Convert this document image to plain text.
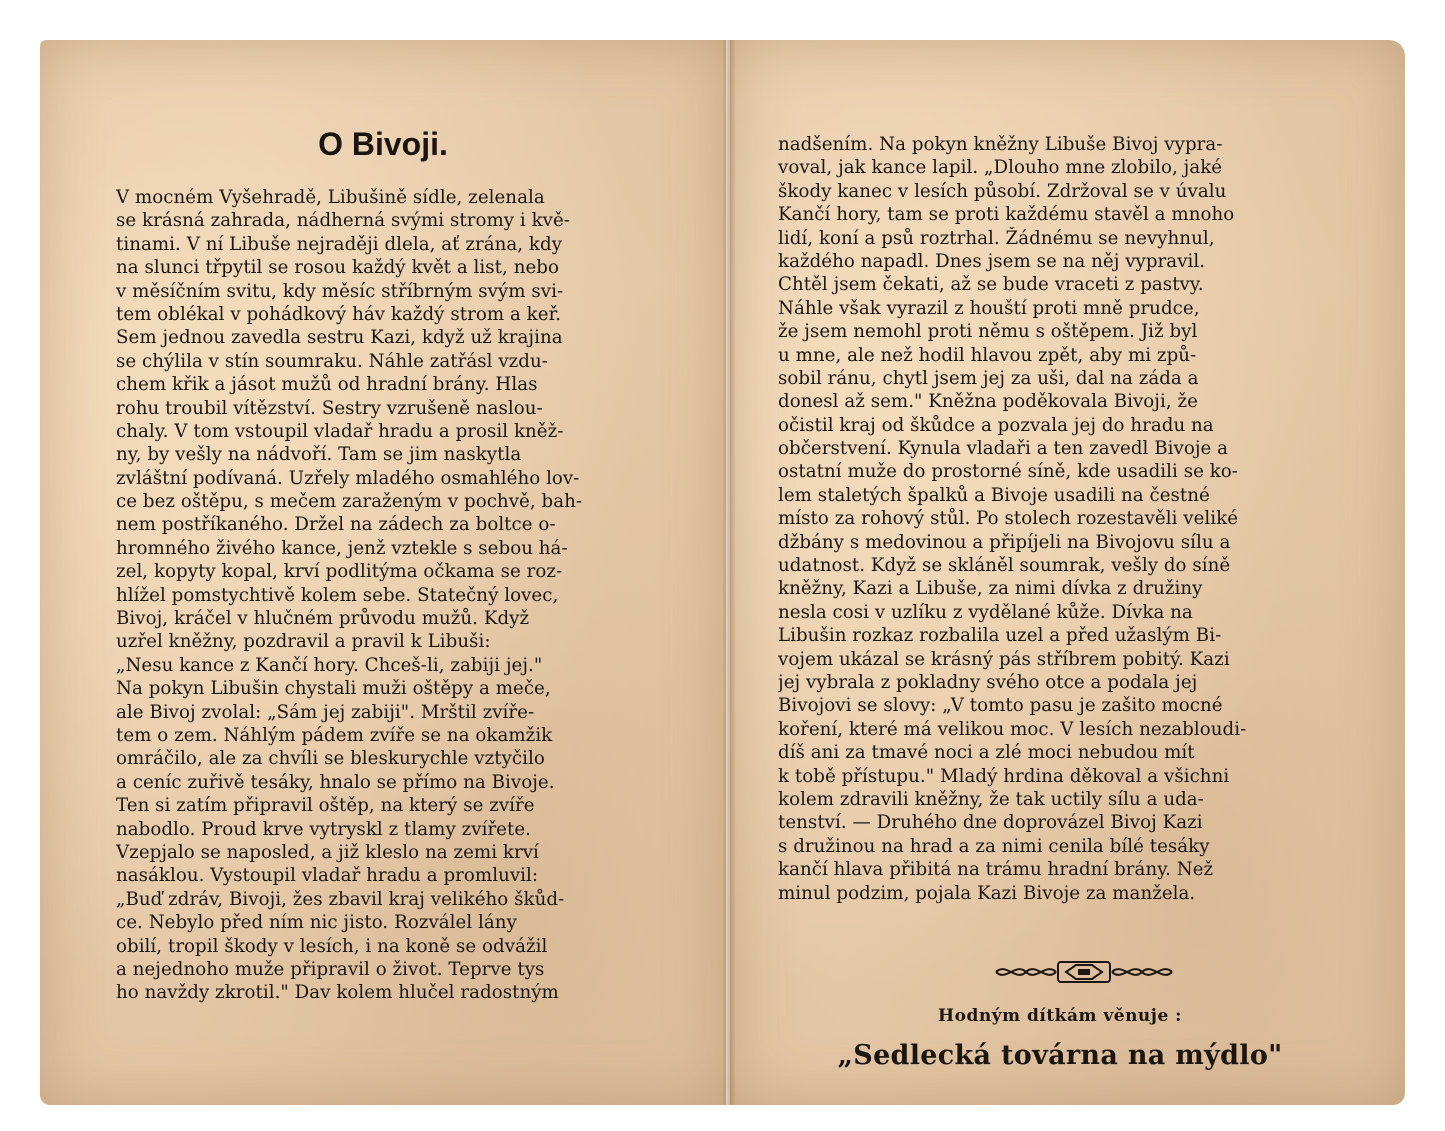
O Bivoji.
V mocném Vyšehradě, Libušině sídle, zelenala
se krásná zahrada, nádherná svými stromy i kvě-
tinami. V ní Libuše nejraději dlela, ať zrána, kdy
na slunci třpytil se rosou každý květ a list, nebo
v měsíčním svitu, kdy měsíc stříbrným svým svi-
tem oblékal v pohádkový háv každý strom a keř.
Sem jednou zavedla sestru Kazi, když už krajina
se chýlila v stín soumraku. Náhle zatřásl vzdu-
chem křik a jásot mužů od hradní brány. Hlas
rohu troubil vítězství. Sestry vzrušeně naslou-
chaly. V tom vstoupil vladař hradu a prosil kněž-
ny, by vešly na nádvoří. Tam se jim naskytla
zvláštní podívaná. Uzřely mladého osmahlého lov-
ce bez oštěpu, s mečem zaraženým v pochvě, bah-
nem postříkaného. Držel na zádech za boltce o-
hromného živého kance, jenž vztekle s sebou há-
zel, kopyty kopal, krví podlitýma očkama se roz-
hlížel pomstychtivě kolem sebe. Statečný lovec,
Bivoj, kráčel v hlučném průvodu mužů. Když
uzřel kněžny, pozdravil a pravil k Libuši:
„Nesu kance z Kančí hory. Chceš-li, zabiji jej."
Na pokyn Libušin chystali muži oštěpy a meče,
ale Bivoj zvolal: „Sám jej zabiji". Mrštil zvíře-
tem o zem. Náhlým pádem zvíře se na okamžik
omráčilo, ale za chvíli se bleskurychle vztyčilo
a ceníc zuřivě tesáky, hnalo se přímo na Bivoje.
Ten si zatím připravil oštěp, na který se zvíře
nabodlo. Proud krve vytryskl z tlamy zvířete.
Vzepjalo se naposled, a již kleslo na zemi krví
nasáklou. Vystoupil vladař hradu a promluvil:
„Buď zdráv, Bivoji, žes zbavil kraj velikého škůd-
ce. Nebylo před ním nic jisto. Rozválel lány
obilí, tropil škody v lesích, i na koně se odvážil
a nejednoho muže připravil o život. Teprve tys
ho navždy zkrotil." Dav kolem hlučel radostným
nadšením. Na pokyn kněžny Libuše Bivoj vypra-
voval, jak kance lapil. „Dlouho mne zlobilo, jaké
škody kanec v lesích působí. Zdržoval se v úvalu
Kančí hory, tam se proti každému stavěl a mnoho
lidí, koní a psů roztrhal. Žádnému se nevyhnul,
každého napadl. Dnes jsem se na něj vypravil.
Chtěl jsem čekati, až se bude vraceti z pastvy.
Náhle však vyrazil z houští proti mně prudce,
že jsem nemohl proti němu s oštěpem. Již byl
u mne, ale než hodil hlavou zpět, aby mi způ-
sobil ránu, chytl jsem jej za uši, dal na záda a
donesl až sem." Kněžna poděkovala Bivoji, že
očistil kraj od škůdce a pozvala jej do hradu na
občerstvení. Kynula vladaři a ten zavedl Bivoje a
ostatní muže do prostorné síně, kde usadili se ko-
lem staletých špalků a Bivoje usadili na čestné
místo za rohový stůl. Po stolech rozestavěli veliké
džbány s medovinou a připíjeli na Bivojovu sílu a
udatnost. Když se skláněl soumrak, vešly do síně
kněžny, Kazi a Libuše, za nimi dívka z družiny
nesla cosi v uzlíku z vydělané kůže. Dívka na
Libušin rozkaz rozbalila uzel a před užaslým Bi-
vojem ukázal se krásný pás stříbrem pobitý. Kazi
jej vybrala z pokladny svého otce a podala jej
Bivojovi se slovy: „V tomto pasu je zašito mocné
koření, které má velikou moc. V lesích nezabloudi-
díš ani za tmavé noci a zlé moci nebudou mít
k tobě přístupu." Mladý hrdina děkoval a všichni
kolem zdravili kněžny, že tak uctily sílu a uda-
tenství. — Druhého dne doprovázel Bivoj Kazi
s družinou na hrad a za nimi cenila bílé tesáky
kančí hlava přibitá na trámu hradní brány. Než
minul podzim, pojala Kazi Bivoje za manžela.

Hodným dítkám věnuje :

„Sedlecká továrna na mýdlo"
